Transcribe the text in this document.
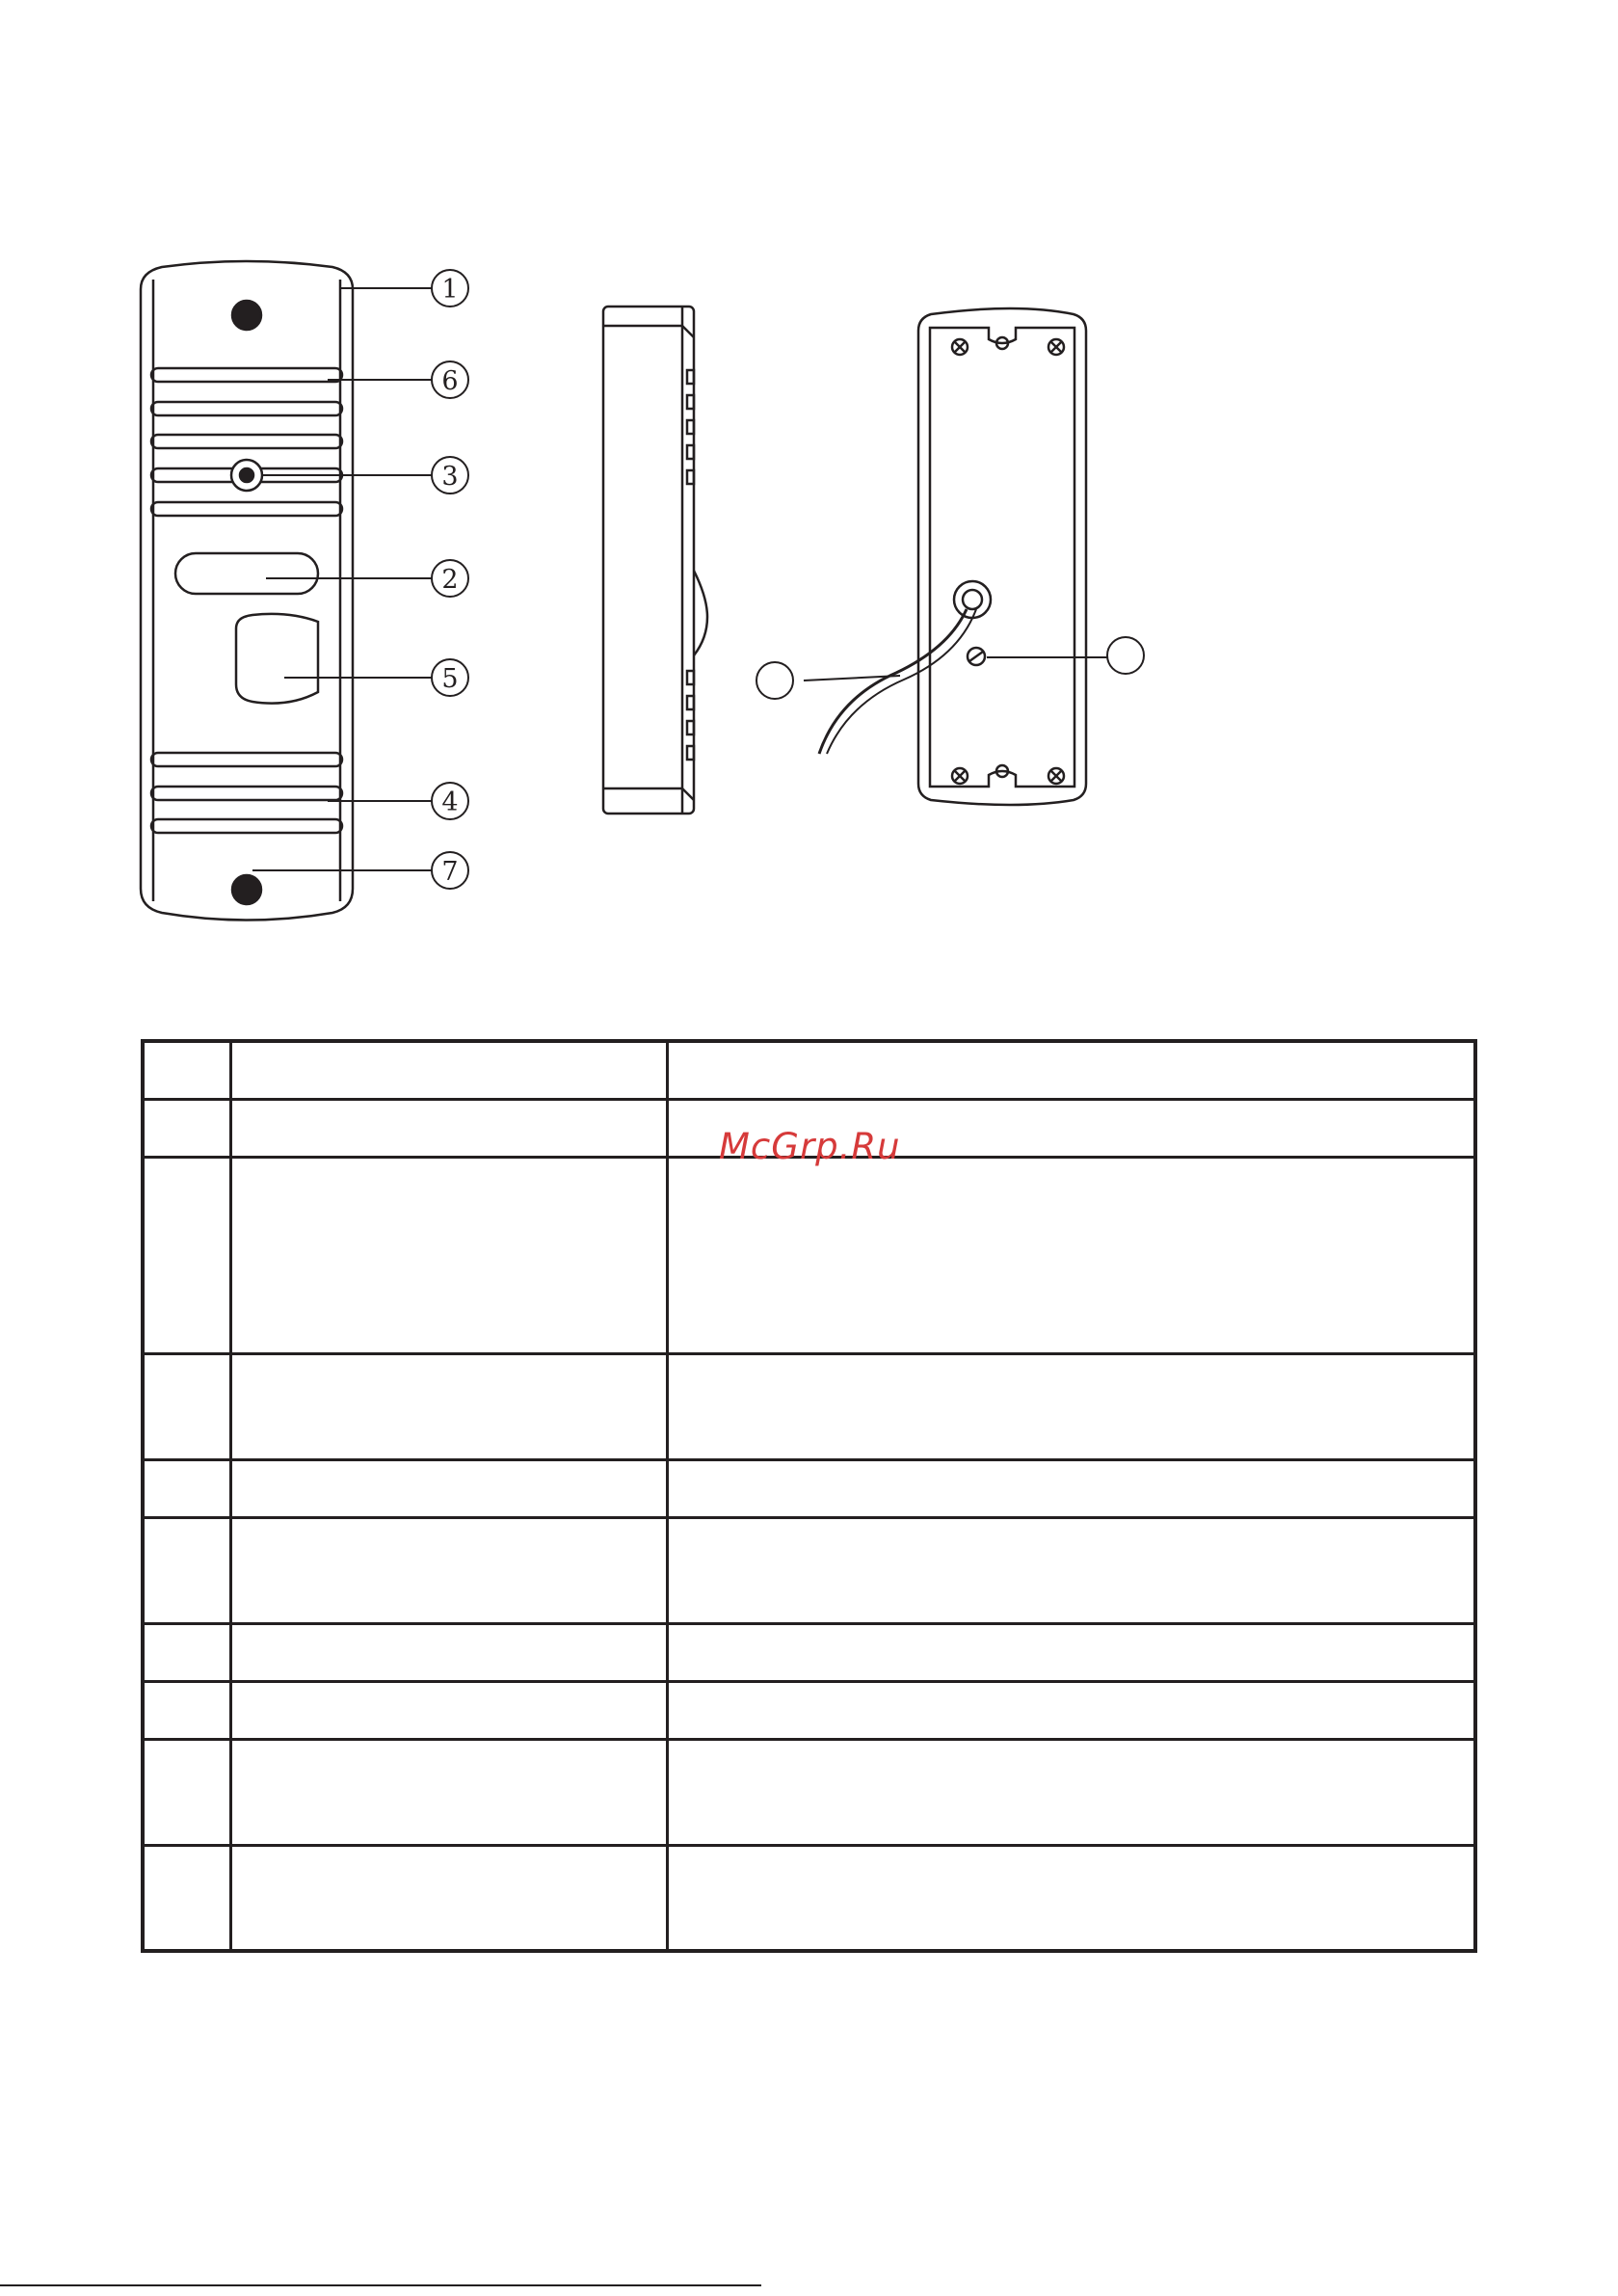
1
6
3
2
5
4
7

McGrp.Ru
